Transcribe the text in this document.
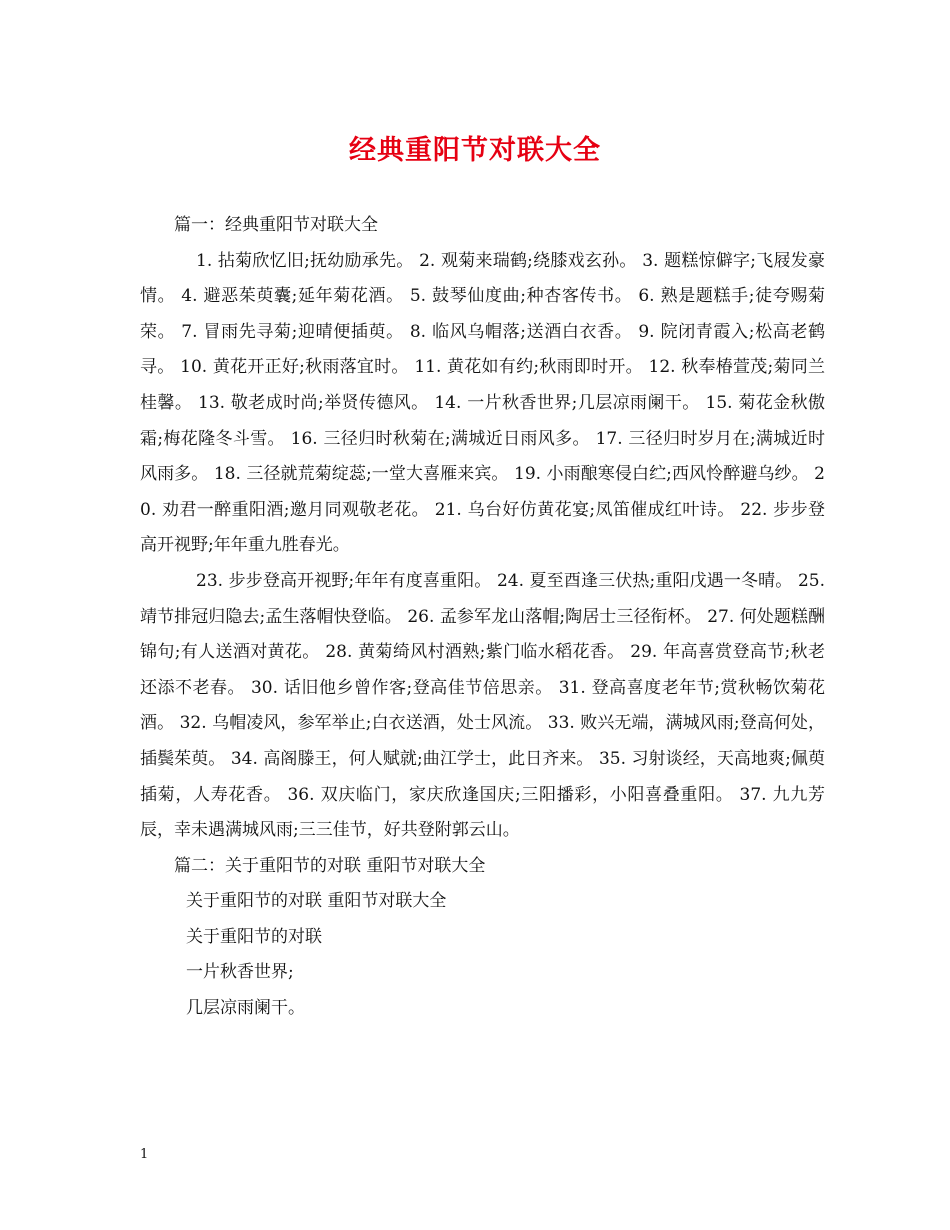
经典重阳节对联大全

篇一：经典重阳节对联大全

1. 拈菊欣忆旧;抚幼励承先。 2. 观菊来瑞鹤;绕膝戏玄孙。 3. 题糕惊僻字;飞屐发豪情。 4. 避恶茱萸囊;延年菊花酒。 5. 鼓琴仙度曲;种杏客传书。 6. 熟是题糕手;徒夸赐菊荣。 7. 冒雨先寻菊;迎晴便插萸。 8. 临风乌帽落;送酒白衣香。 9. 院闭青霞入;松高老鹤寻。 10. 黄花开正好;秋雨落宜时。 11. 黄花如有约;秋雨即时开。 12. 秋奉椿萱茂;菊同兰桂馨。 13. 敬老成时尚;举贤传德风。 14. 一片秋香世界;几层凉雨阑干。 15. 菊花金秋傲霜;梅花隆冬斗雪。 16. 三径归时秋菊在;满城近日雨风多。 17. 三径归时岁月在;满城近时风雨多。 18. 三径就荒菊绽蕊;一堂大喜雁来宾。 19. 小雨酿寒侵白纻;西风怜醉避乌纱。 20. 劝君一醉重阳酒;邀月同观敬老花。 21. 乌台好仿黄花宴;凤笛催成红叶诗。 22. 步步登高开视野;年年重九胜春光。

23. 步步登高开视野;年年有度喜重阳。 24. 夏至酉逢三伏热;重阳戊遇一冬晴。 25. 靖节排冠归隐去;孟生落帽快登临。 26. 孟参军龙山落帽;陶居士三径衔杯。 27. 何处题糕酬锦句;有人送酒对黄花。 28. 黄菊绮风村酒熟;紫门临水稻花香。 29. 年高喜赏登高节;秋老还添不老春。 30. 话旧他乡曾作客;登高佳节倍思亲。 31. 登高喜度老年节;赏秋畅饮菊花酒。 32. 乌帽凌风，参军举止;白衣送酒，处士风流。 33. 败兴无端，满城风雨;登高何处，插鬓茱萸。 34. 高阁滕王，何人赋就;曲江学士，此日齐来。 35. 习射谈经，天高地爽;佩萸插菊，人寿花香。 36. 双庆临门，家庆欣逢国庆;三阳播彩，小阳喜叠重阳。 37. 九九芳辰，幸未遇满城风雨;三三佳节，好共登附郭云山。

篇二：关于重阳节的对联 重阳节对联大全

关于重阳节的对联 重阳节对联大全

关于重阳节的对联

一片秋香世界;

几层凉雨阑干。

1
